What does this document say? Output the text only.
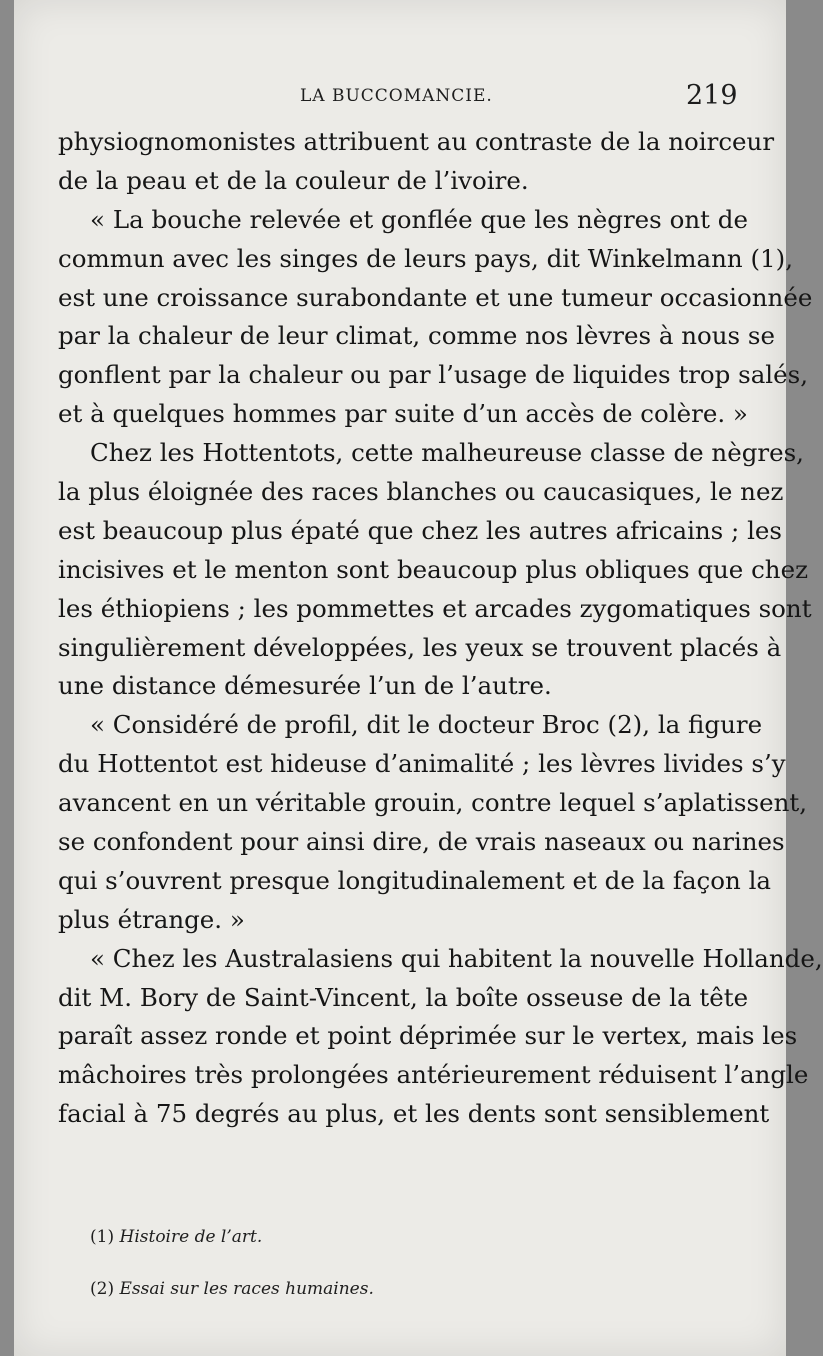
LA BUCCOMANCIE.	219
physiognomonistes attribuent au contraste de la noirceur
de la peau et de la couleur de l’ivoire.
« La bouche relevée et gonflée que les nègres ont de
commun avec les singes de leurs pays, dit Winkelmann (1),
est une croissance surabondante et une tumeur occasionnée
par la chaleur de leur climat, comme nos lèvres à nous se
gonflent par la chaleur ou par l’usage de liquides trop salés,
et à quelques hommes par suite d’un accès de colère. »
Chez les Hottentots, cette malheureuse classe de nègres,
la plus éloignée des races blanches ou caucasiques, le nez
est beaucoup plus épaté que chez les autres africains ; les
incisives et le menton sont beaucoup plus obliques que chez
les éthiopiens ; les pommettes et arcades zygomatiques sont
singulièrement développées, les yeux se trouvent placés à
une distance démesurée l’un de l’autre.
« Considéré de profil, dit le docteur Broc (2), la figure
du Hottentot est hideuse d’animalité ; les lèvres livides s’y
avancent en un véritable grouin, contre lequel s’aplatissent,
se confondent pour ainsi dire, de vrais naseaux ou narines
qui s’ouvrent presque longitudinalement et de la façon la
plus étrange. »
« Chez les Australasiens qui habitent la nouvelle Hollande,
dit M. Bory de Saint-Vincent, la boîte osseuse de la tête
paraît assez ronde et point déprimée sur le vertex, mais les
mâchoires très prolongées antérieurement réduisent l’angle
facial à 75 degrés au plus, et les dents sont sensiblement
(1) Histoire de l’art.
(2) Essai sur les races humaines.
